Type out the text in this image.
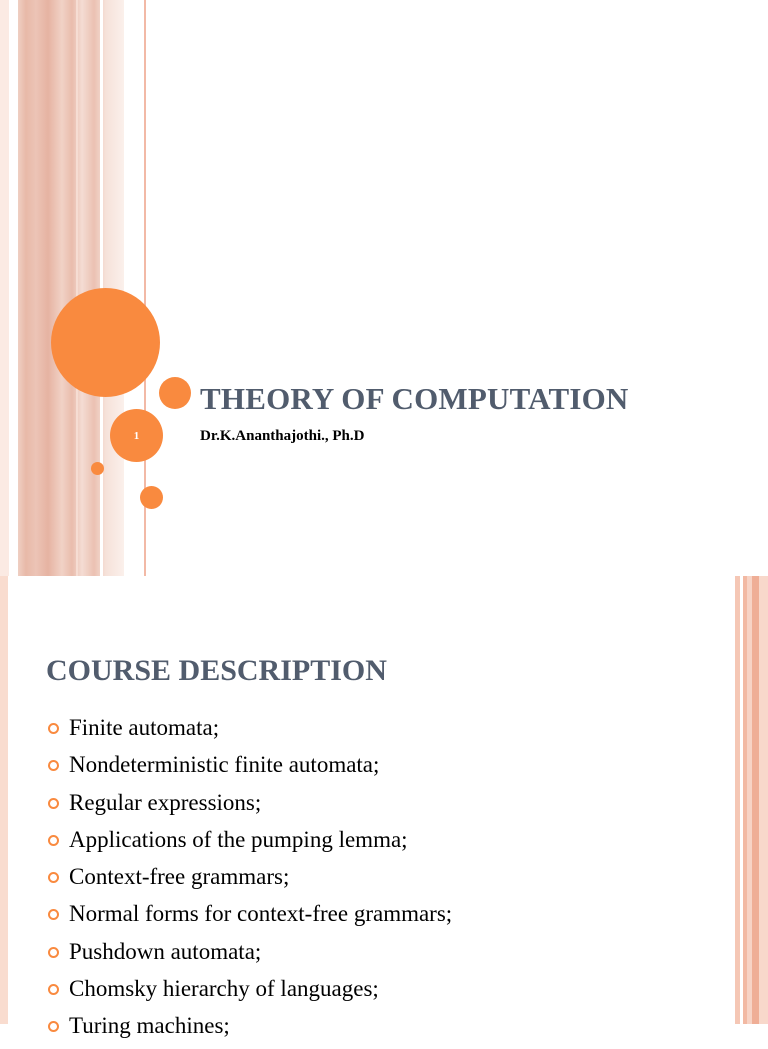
1
THEORY OF COMPUTATION
Dr.K.Ananthajothi., Ph.D
COURSE DESCRIPTION
Finite automata;
Nondeterministic finite automata;
Regular expressions;
Applications of the pumping lemma;
Context-free grammars;
Normal forms for context-free grammars;
Pushdown automata;
Chomsky hierarchy of languages;
Turing machines;
